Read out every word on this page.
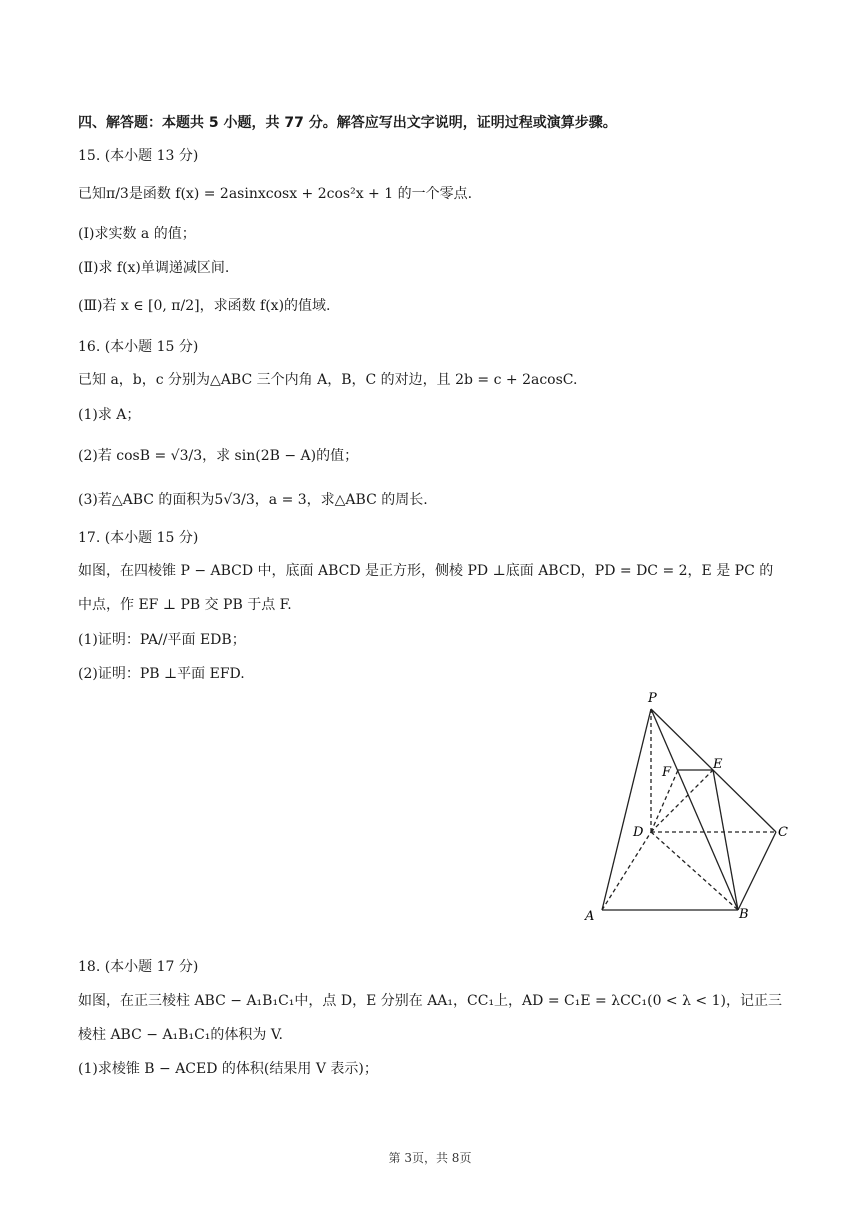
四、解答题：本题共 5 小题，共 77 分。解答应写出文字说明，证明过程或演算步骤。
15. (本小题 13 分)
已知π/3是函数 f(x) = 2asinxcosx + 2cos²x + 1 的一个零点.
(Ⅰ)求实数 a 的值；
(Ⅱ)求 f(x)单调递减区间.
(Ⅲ)若 x ∈ [0, π/2]，求函数 f(x)的值域.
16. (本小题 15 分)
已知 a，b，c 分别为△ABC 三个内角 A，B，C 的对边，且 2b = c + 2acosC.
(1)求 A；
(2)若 cosB = √3/3，求 sin(2B − A)的值；
(3)若△ABC 的面积为5√3/3，a = 3，求△ABC 的周长.
17. (本小题 15 分)
如图，在四棱锥 P − ABCD 中，底面 ABCD 是正方形，侧棱 PD ⊥底面 ABCD，PD = DC = 2，E 是 PC 的中点，作 EF ⊥ PB 交 PB 于点 F.
(1)证明：PA//平面 EDB；
(2)证明：PB ⊥平面 EFD.
P
F
E
D	C
A	B
18. (本小题 17 分)
如图，在正三棱柱 ABC − A₁B₁C₁中，点 D，E 分别在 AA₁，CC₁上，AD = C₁E = λCC₁(0 < λ < 1)，记正三棱柱 ABC − A₁B₁C₁的体积为 V.
(1)求棱锥 B − ACED 的体积(结果用 V 表示)；
第 3页，共 8页
